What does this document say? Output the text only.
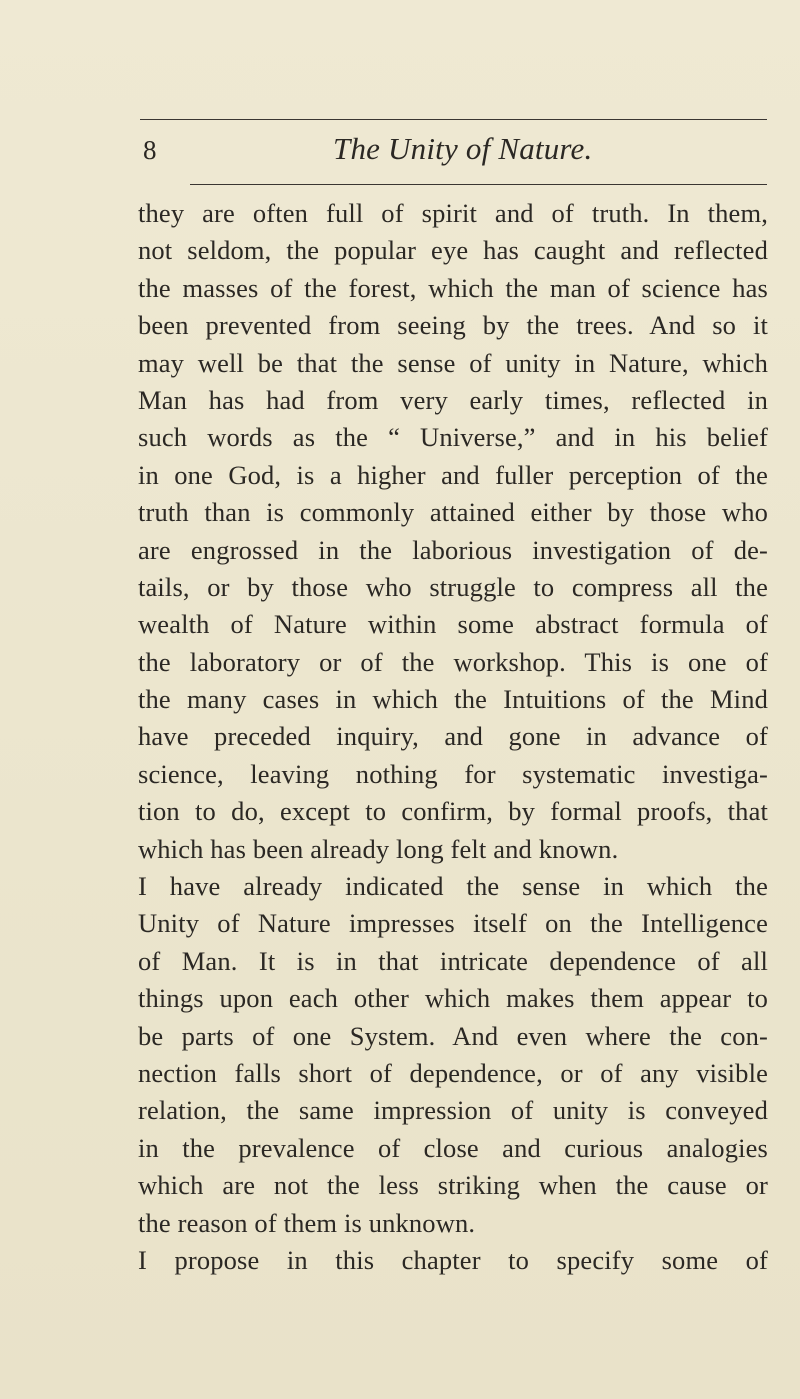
8	The Unity of Nature.
they are often full of spirit and of truth. In them,
not seldom, the popular eye has caught and reflected
the masses of the forest, which the man of science has
been prevented from seeing by the trees. And so it
may well be that the sense of unity in Nature, which
Man has had from very early times, reflected in
such words as the “ Universe,” and in his belief
in one God, is a higher and fuller perception of the
truth than is commonly attained either by those who
are engrossed in the laborious investigation of de-
tails, or by those who struggle to compress all the
wealth of Nature within some abstract formula of
the laboratory or of the workshop. This is one of
the many cases in which the Intuitions of the Mind
have preceded inquiry, and gone in advance of
science, leaving nothing for systematic investiga-
tion to do, except to confirm, by formal proofs, that
which has been already long felt and known.
I have already indicated the sense in which the
Unity of Nature impresses itself on the Intelligence
of Man. It is in that intricate dependence of all
things upon each other which makes them appear to
be parts of one System. And even where the con-
nection falls short of dependence, or of any visible
relation, the same impression of unity is conveyed
in the prevalence of close and curious analogies
which are not the less striking when the cause or
the reason of them is unknown.
I propose in this chapter to specify some of
